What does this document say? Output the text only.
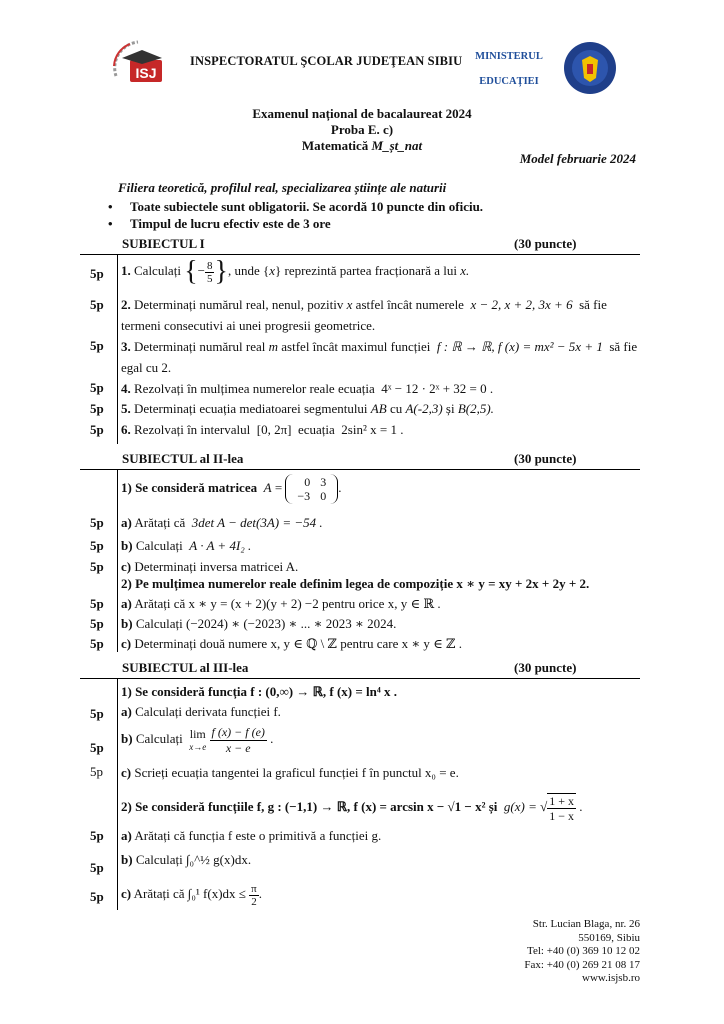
ISJ
INSPECTORATUL ŞCOLAR JUDEŢEAN SIBIU MINISTERUL
EDUCAȚIEI
Examenul național de bacalaureat 2024
Proba E. c)
Matematică M_șt_nat
Model februarie 2024
Filiera teoretică, profilul real, specializarea științe ale naturii
• Toate subiectele sunt obligatorii. Se acordă 10 puncte din oficiu.
• Timpul de lucru efectiv este de 3 ore
SUBIECTUL I	(30 puncte)
5p 1. Calculați {− $\frac{8}{5}$ }, unde {x} reprezintă partea fracționară a lui x.
5p 2. Determinați numărul real, nenul, pozitiv x astfel încât numerele x − 2, x + 2, 3x + 6 să fie
termeni consecutivi ai unei progresii geometrice.
5p 3. Determinați numărul real m astfel încât maximul funcției f : ℝ → ℝ, f (x) = mx² − 5x + 1 să fie
egal cu 2.
5p 4. Rezolvați în mulțimea numerelor reale ecuația 4ˣ − 12 · 2ˣ + 32 = 0 .
5p 5. Determinați ecuația mediatoarei segmentului AB cu A(-2,3) și B(2,5).
5p 6. Rezolvați în intervalul [0, 2π] ecuația 2sin² x = 1 .
SUBIECTUL al II-lea	(30 puncte)
1) Se consideră matricea A = 0	3
−3	0
.
5p a) Arătați că 3det A − det(3A) = −54 .
5p b) Calculați A · A + 4I₂ .
5p c) Determinați inversa matricei A.
2) Pe mulțimea numerelor reale definim legea de compoziție x ∗ y = xy + 2x + 2y + 2.
5p a) Arătați că x ∗ y = (x + 2)(y + 2) −2 pentru orice x, y ∈ ℝ .
5p b) Calculați (−2024) ∗ (−2023) ∗ ... ∗ 2023 ∗ 2024.
5p c) Determinați două numere x, y ∈ ℚ \ ℤ pentru care x ∗ y ∈ ℤ .
SUBIECTUL al III-lea	(30 puncte)
1) Se consideră funcția f : (0,∞) → ℝ, f (x) = ln⁴ x .
5p a) Calculați derivata funcției f.
5p
b) Calculați lim
$x\to e \frac{f (x) - f (e)}{x - e}$ .
5p c) Scrieți ecuația tangentei la graficul funcției f în punctul x₀ = e.
2) Se consideră funcțiile f, g : (−1,1) → ℝ, f (x) = arcsin x − √1 − x² și g(x) = √ $\frac{1 + x}{1 - x}$ .
5p a) Arătați că funcția f este o primitivă a funcției g.
5p
b) Calculați ∫₀^½ g(x)dx.
5p c) Arătați că ∫₀¹ $f(x)dx \le \frac{\pi}{2}$ .
Str. Lucian Blaga, nr. 26
550169, Sibiu
Tel: +40 (0) 369 10 12 02
Fax: +40 (0) 269 21 08 17
www.isjsb.ro
